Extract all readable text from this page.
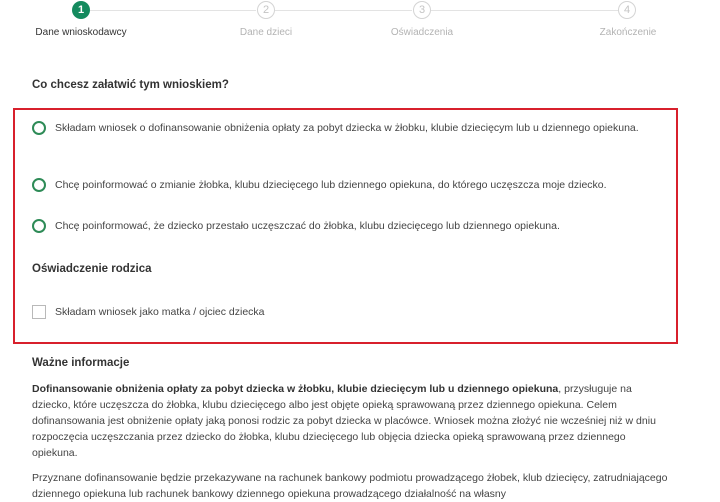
1	2	3	4
Dane wnioskodawcy	Dane dzieci	Oświadczenia	Zakończenie
Co chcesz załatwić tym wnioskiem?
Składam wniosek o dofinansowanie obniżenia opłaty za pobyt dziecka w żłobku, klubie dziecięcym lub u dziennego opiekuna.
Chcę poinformować o zmianie żłobka, klubu dziecięcego lub dziennego opiekuna, do którego uczęszcza moje dziecko.
Chcę poinformować, że dziecko przestało uczęszczać do żłobka, klubu dziecięcego lub dziennego opiekuna.
Oświadczenie rodzica
Składam wniosek jako matka / ojciec dziecka
Ważne informacje
Dofinansowanie obniżenia opłaty za pobyt dziecka w żłobku, klubie dziecięcym lub u dziennego opiekuna, przysługuje na dziecko, które uczęszcza do żłobka, klubu dziecięcego albo jest objęte opieką sprawowaną przez dziennego opiekuna. Celem dofinansowania jest obniżenie opłaty jaką ponosi rodzic za pobyt dziecka w placówce. Wniosek można złożyć nie wcześniej niż w dniu rozpoczęcia uczęszczania przez dziecko do żłobka, klubu dziecięcego lub objęcia dziecka opieką sprawowaną przez dziennego opiekuna.
Przyznane dofinansowanie będzie przekazywane na rachunek bankowy podmiotu prowadzącego żłobek, klub dziecięcy, zatrudniającego dziennego opiekuna lub rachunek bankowy dziennego opiekuna prowadzącego działalność na własny
